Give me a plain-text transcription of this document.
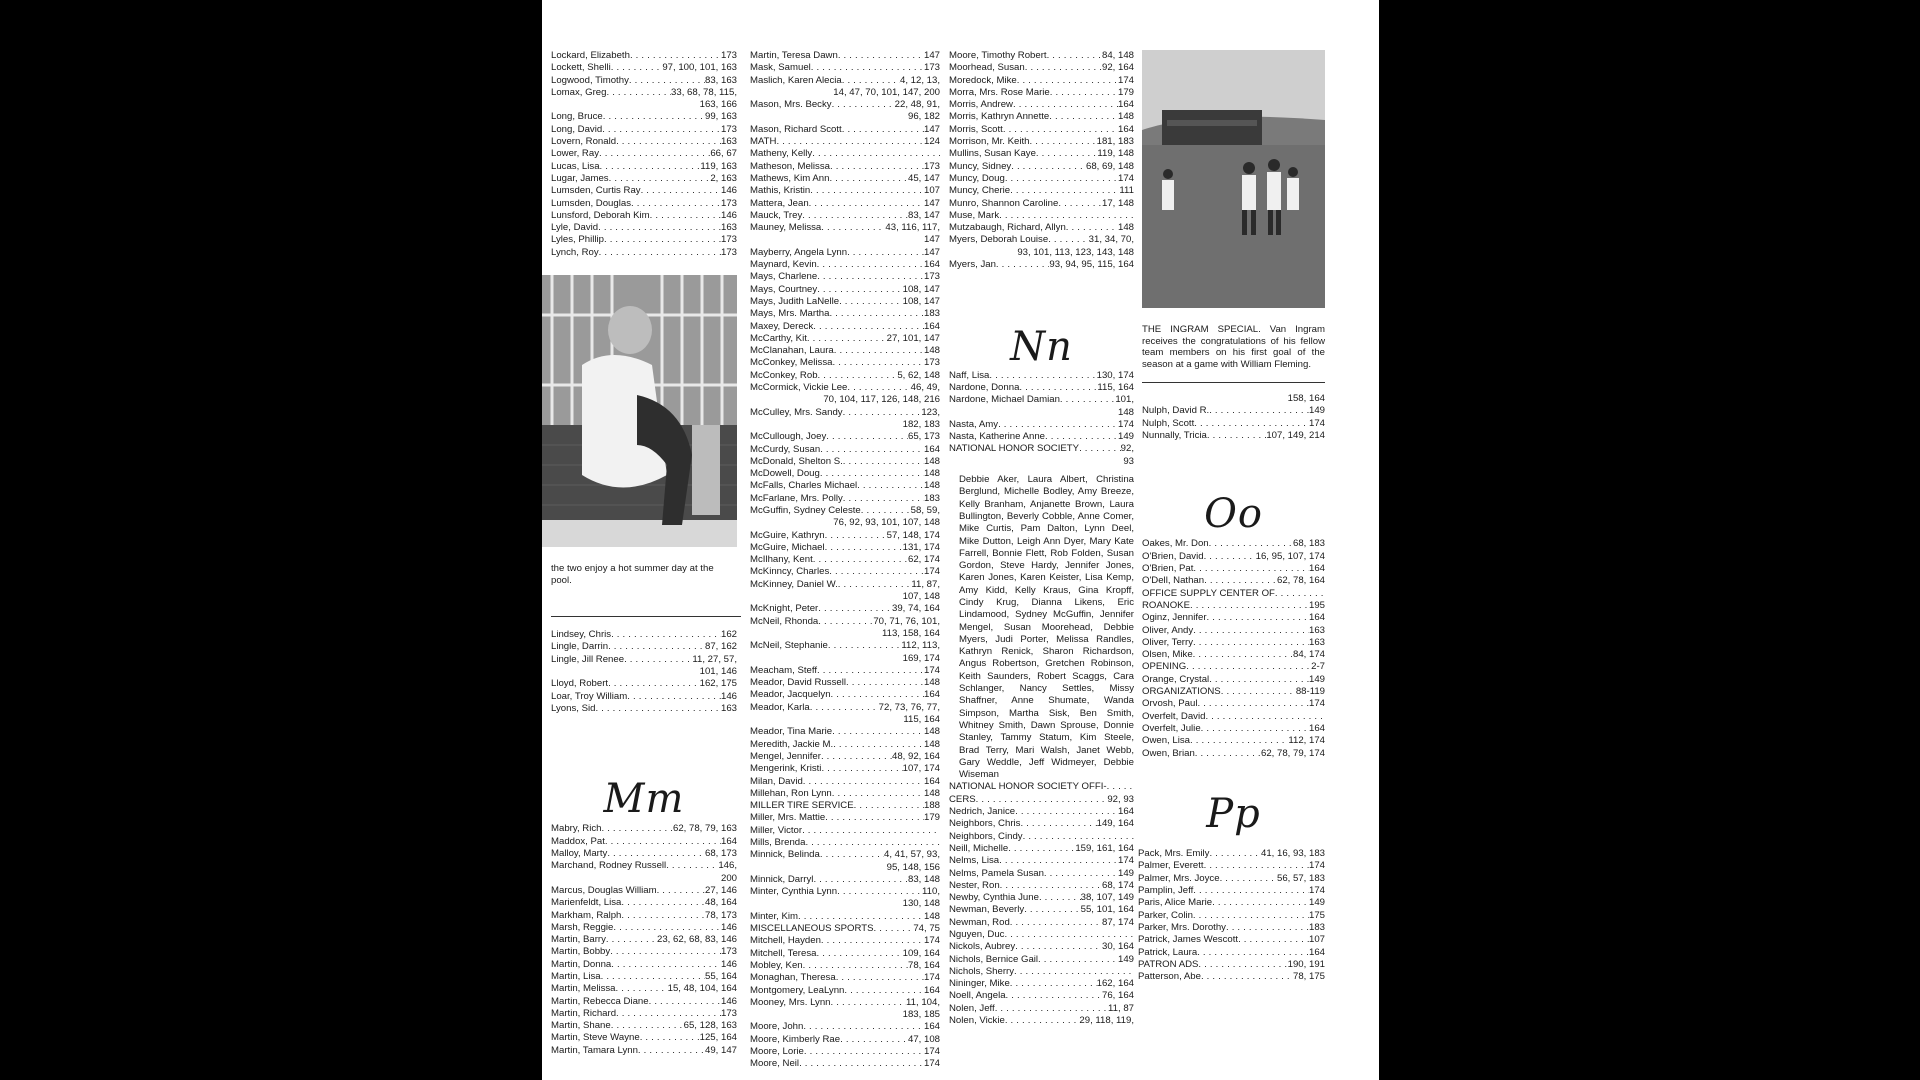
Lockard, Elizabeth . . .	173
Lockett, Shelli . . .	97, 100, 101, 163
Logwood, Timothy . . .	83, 163
Lomax, Greg . . .	33, 68, 78, 115,
163, 166
Long, Bruce . . .	99, 163
Long, David . . .	173
Lovern, Ronald . . .	163
Lower, Ray . . .	66, 67
Lucas, Lisa . . .	119, 163
Lugar, James . . .	2, 163
Lumsden, Curtis Ray . . .	146
Lumsden, Douglas . . .	173
Lunsford, Deborah Kim . . .	146
Lyle, David . . .	163
Lyles, Phillip . . .	173
Lynch, Roy . . .	173
the two enjoy a hot summer day at the pool.
Lindsey, Chris . . .	162
Lingle, Darrin . . .	87, 162
Lingle, Jill Renee . . .	11, 27, 57,
101, 146
Lloyd, Robert . . .	162, 175
Loar, Troy William . . .	146
Lyons, Sid . . .	163
Mm
Mabry, Rich . . .	62, 78, 79, 163
Maddox, Pat . . .	164
Malloy, Marty . . .	68, 173
Marchand, Rodney Russell . . .	146,
200
Marcus, Douglas William . . .	27, 146
Marienfeldt, Lisa . . .	48, 164
Markham, Ralph . . .	78, 173
Marsh, Reggie . . .	146
Martin, Barry . . .	23, 62, 68, 83, 146
Martin, Bobby . . .	173
Martin, Donna . . .	146
Martin, Lisa . . .	55, 164
Martin, Melissa . . .	15, 48, 104, 164
Martin, Rebecca Diane . . .	146
Martin, Richard . . .	173
Martin, Shane . . .	65, 128, 163
Martin, Steve Wayne . . .	125, 164
Martin, Tamara Lynn . . .	49, 147
Martin, Teresa Dawn . . .	147
Mask, Samuel . . .	173
Maslich, Karen Alecia . . .	4, 12, 13,
14, 47, 70, 101, 147, 200
Mason, Mrs. Becky . . .	22, 48, 91,
96, 182
Mason, Richard Scott . . .	147
MATH . . .	124
Matheny, Kelly
. . .
Matheson, Melissa . . .	173
Mathews, Kim Ann . . .	45, 147
Mathis, Kristin . . .	107
Mattera, Jean . . .	147
Mauck, Trey . . .	83, 147
Mauney, Melissa . . .	43, 116, 117,
147
Mayberry, Angela Lynn . . .	147
Maynard, Kevin . . .	164
Mays, Charlene . . .	173
Mays, Courtney . . .	108, 147
Mays, Judith LaNelle . . .	108, 147
Mays, Mrs. Martha . . .	183
Maxey, Dereck . . .	164
McCarthy, Kit . . .	27, 101, 147
McClanahan, Laura . . .	148
McConkey, Melissa . . .	173
McConkey, Rob . . .	5, 62, 148
McCormick, Vickie Lee . . .	46, 49,
70, 104, 117, 126, 148, 216
McCulley, Mrs. Sandy . . .	123,
182, 183
McCullough, Joey . . .	65, 173
McCurdy, Susan . . .	164
McDonald, Shelton S. . . .	148
McDowell, Doug . . .	148
McFalls, Charles Michael . . .	148
McFarlane, Mrs. Polly . . .	183
McGuffin, Sydney Celeste . . .	58, 59,
76, 92, 93, 101, 107, 148
McGuire, Kathryn . . .	57, 148, 174
McGuire, Michael . . .	131, 174
McIlhany, Kent . . .	62, 174
McKinncy, Charles . . .	174
McKinney, Daniel W. . . .	11, 87,
107, 148
McKnight, Peter . . .	39, 74, 164
McNeil, Rhonda . . .	70, 71, 76, 101,
113, 158, 164
McNeil, Stephanie . . .	112, 113,
169, 174
Meacham, Steff . . .	174
Meador, David Russell . . .	148
Meador, Jacquelyn . . .	164
Meador, Karla . . .	72, 73, 76, 77,
115, 164
Meador, Tina Marie . . .	148
Meredith, Jackie M. . . .	148
Mengel, Jennifer . . .	48, 92, 164
Mengerink, Kristi . . .	107, 174
Milan, David . . .	164
Millehan, Ron Lynn . . .	148
MILLER TIRE SERVICE . . .	188
Miller, Mrs. Mattie . . .	179
Miller, Victor
. . .
Mills, Brenda
. . .
Minnick, Belinda . . .	4, 41, 57, 93,
95, 148, 156
Minnick, Darryl . . .	83, 148
Minter, Cynthia Lynn . . .	110,
130, 148
Minter, Kim . . .	148
MISCELLANEOUS SPORTS . . .	74, 75
Mitchell, Hayden . . .	174
Mitchell, Teresa . . .	109, 164
Mobley, Ken . . .	78, 164
Monaghan, Theresa . . .	174
Montgomery, LeaLynn . . .	164
Mooney, Mrs. Lynn . . .	11, 104,
183, 185
Moore, John . . .	164
Moore, Kimberly Rae . . .	47, 108
Moore, Lorie . . .	174
Moore, Neil . . .	174
Moore, Timothy Robert . . .	84, 148
Moorhead, Susan . . .	92, 164
Moredock, Mike . . .	174
Morra, Mrs. Rose Marie . . .	179
Morris, Andrew . . .	164
Morris, Kathryn Annette . . .	148
Morris, Scott . . .	164
Morrison, Mr. Keith . . .	181, 183
Mullins, Susan Kaye . . .	119, 148
Muncy, Sidney . . .	68, 69, 148
Muncy, Doug . . .	174
Muncy, Cherie . . .	111
Munro, Shannon Caroline . . .	17, 148
Muse, Mark
. . .
Mutzabaugh, Richard, Allyn . . .	148
Myers, Deborah Louise . . .	31, 34, 70,
93, 101, 113, 123, 143, 148
Myers, Jan . . .	93, 94, 95, 115, 164
Nn
Naff, Lisa . . .	130, 174
Nardone, Donna . . .	115, 164
Nardone, Michael Damian . . .	101,
148
Nasta, Amy . . .	174
Nasta, Katherine Anne . . .	149
NATIONAL HONOR SOCIETY . . .	92,
93
Debbie Aker, Laura Albert, Christina Berglund, Michelle Bodley, Amy Breeze, Kelly Branham, Anjanette Brown, Laura Bullington, Beverly Cobble, Anne Comer, Mike Curtis, Pam Dalton, Lynn Deel, Mike Dutton, Leigh Ann Dyer, Mary Kate Farrell, Bonnie Flett, Rob Folden, Susan Gordon, Steve Hardy, Jennifer Jones, Karen Jones, Karen Keister, Lisa Kemp, Amy Kidd, Kelly Kraus, Gina Kropff, Cindy Krug, Dianna Likens, Eric Lindamood, Sydney McGuffin, Jennifer Mengel, Susan Moorehead, Debbie Myers, Judi Porter, Melissa Randles, Kathryn Renick, Sharon Richardson, Angus Robertson, Gretchen Robinson, Keith Saunders, Robert Scaggs, Cara Schlanger, Nancy Settles, Missy Shaffner, Anne Shumate, Wanda Simpson, Martha Sisk, Ben Smith, Whitney Smith, Dawn Sprouse, Donnie Stanley, Tammy Statum, Kim Steele, Brad Terry, Mari Walsh, Janet Webb, Gary Weddle, Jeff Widmeyer, Debbie Wiseman
NATIONAL HONOR SOCIETY OFFI-
. . .
CERS . . .	92, 93
Nedrich, Janice . . .	164
Neighbors, Chris . . .	149, 164
Neighbors, Cindy
. . .
Neill, Michelle . . .	159, 161, 164
Nelms, Lisa . . .	174
Nelms, Pamela Susan . . .	149
Nester, Ron . . .	68, 174
Newby, Cynthia June . . .	38, 107, 149
Newman, Beverly . . .	55, 101, 164
Newman, Rod . . .	87, 174
Nguyen, Duc
. . .
Nickols, Aubrey . . .	30, 164
Nichols, Bernice Gail . . .	149
Nichols, Sherry
. . .
Nininger, Mike . . .	162, 164
Noell, Angela . . .	76, 164
Nolen, Jeff . . .	11, 87
Nolen, Vickie . . .	29, 118, 119,
THE INGRAM SPECIAL. Van Ingram receives the congratulations of his fellow team members on his first goal of the season at a game with William Fleming.
158, 164
Nulph, David R. . . .	149
Nulph, Scott . . .	174
Nunnally, Tricia . . .	107, 149, 214
Oo
Oakes, Mr. Don . . .	68, 183
O'Brien, David . . .	16, 95, 107, 174
O'Brien, Pat . . .	164
O'Dell, Nathan . . .	62, 78, 164
OFFICE SUPPLY CENTER OF
. . .
ROANOKE . . .	195
Oginz, Jennifer . . .	164
Oliver, Andy . . .	163
Oliver, Terry . . .	163
Olsen, Mike . . .	84, 174
OPENING . . .	2-7
Orange, Crystal . . .	149
ORGANIZATIONS . . .	88-119
Orvosh, Paul . . .	174
Overfelt, David
. . .
Overfelt, Julie . . .	164
Owen, Lisa . . .	112, 174
Owen, Brian . . .	62, 78, 79, 174
Pp
Pack, Mrs. Emily . . .	41, 16, 93, 183
Palmer, Everett . . .	174
Palmer, Mrs. Joyce . . .	56, 57, 183
Pamplin, Jeff . . .	174
Paris, Alice Marie . . .	149
Parker, Colin . . .	175
Parker, Mrs. Dorothy . . .	183
Patrick, James Wescott . . .	107
Patrick, Laura . . .	164
PATRON ADS . . .	190, 191
Patterson, Abe . . .	78, 175
